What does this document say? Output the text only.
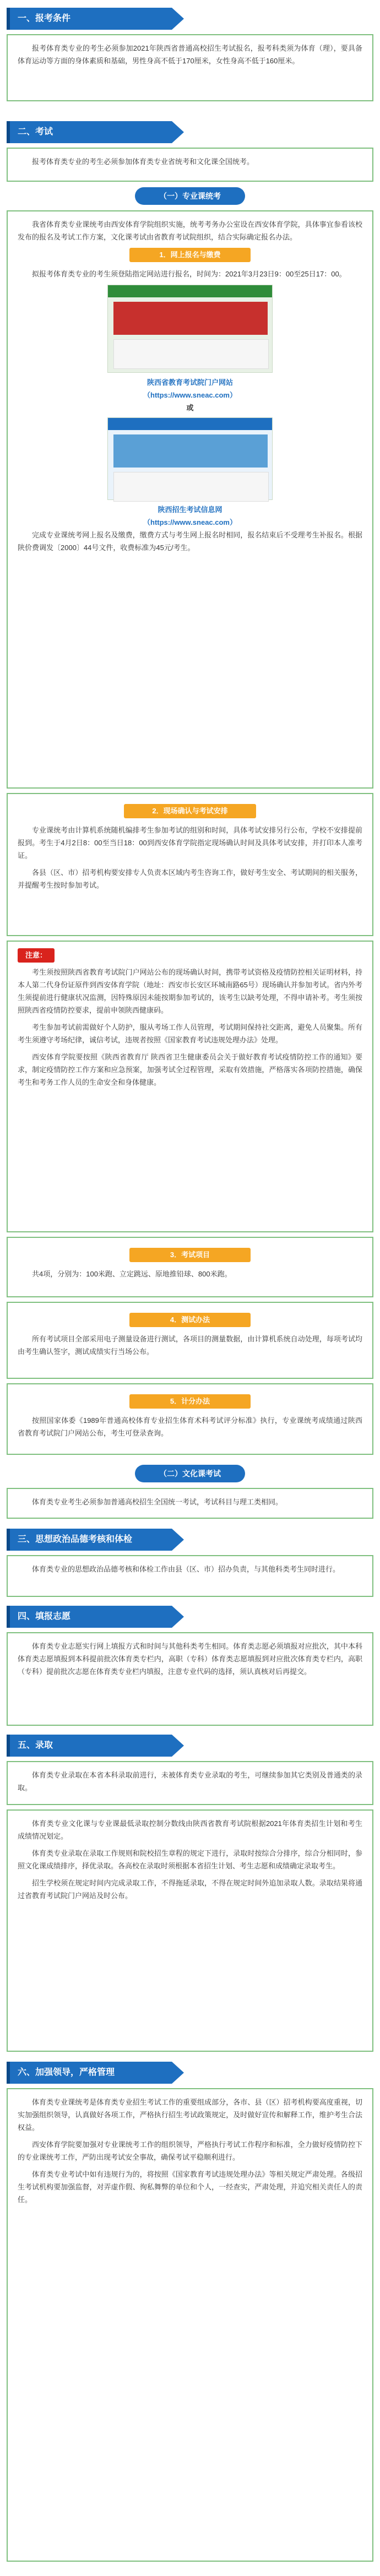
一、报考条件

报考体育类专业的考生必须参加2021年陕西省普通高校招生考试报名，报考科类须为体育（理），要具备体育运动等方面的身体素质和基础，男性身高不低于170厘米，女性身高不低于160厘米。

二、考试

报考体育类专业的考生必须参加体育类专业省统考和文化课全国统考。

（一）专业课统考

我省体育类专业课统考由西安体育学院组织实施，统考考务办公室设在西安体育学院，具体事宜参看该校发布的报名及考试工作方案，文化课考试由省教育考试院组织，结合实际确定报名办法。

1．网上报名与缴费

拟报考体育类专业的考生须登陆指定网站进行报名，时间为：2021年3月23日9：00至25日17：00。

陕西省教育考试院门户网站
（https://www.sneac.com）
或
陕西招生考试信息网
（https://www.sneac.com）

完成专业课统考网上报名及缴费，缴费方式与考生网上报名时相同，报名结束后不受理考生补报名。根据陕价费调发〔2000〕44号文件，收费标准为45元/考生。

2．现场确认与考试安排

专业课统考由计算机系统随机编排考生参加考试的组别和时间，具体考试安排另行公布，学校不安排提前报到。考生于4月2日8：00至当日18：00到西安体育学院指定现场确认时间及具体考试安排，并打印本人准考证。

各县（区、市）招考机构要安排专人负责本区域内考生咨询工作，做好考生安全、考试期间的相关服务，并提醒考生按时参加考试。

注意：

考生须按照陕西省教育考试院门户网站公布的现场确认时间，携带考试资格及疫情防控相关证明材料，持本人第二代身份证原件到西安体育学院（地址：西安市长安区环城南路65号）现场确认并参加考试。省内外考生须提前进行健康状况监测，因特殊原因未能按期参加考试的，该考生以缺考处理，不得申请补考。考生须按照陕西省疫情防控要求，提前申领陕西健康码。

考生参加考试前需做好个人防护，服从考场工作人员管理，考试期间保持社交距离，避免人员聚集。所有考生须遵守考场纪律，诚信考试，违规者按照《国家教育考试违规处理办法》处理。

西安体育学院要按照《陕西省教育厅 陕西省卫生健康委员会关于做好教育考试疫情防控工作的通知》要求，制定疫情防控工作方案和应急预案，加强考试全过程管理，采取有效措施，严格落实各项防控措施，确保考生和考务工作人员的生命安全和身体健康。

3．考试项目

共4项，分别为：100米跑、立定跳远、原地推铅球、800米跑。

4．测试办法

所有考试项目全部采用电子测量设备进行测试，各项目的测量数据，由计算机系统自动处理，每项考试均由考生确认签字，测试成绩实行当场公布。

5．计分办法

按照国家体委《1989年普通高校体育专业招生体育术科考试评分标准》执行，专业课统考成绩通过陕西省教育考试院门户网站公布，考生可登录查询。

（二）文化课考试

体育类专业考生必须参加普通高校招生全国统一考试，考试科目与理工类相同。

三、思想政治品德考核和体检

体育类专业的思想政治品德考核和体检工作由县（区、市）招办负责，与其他科类考生同时进行。

四、填报志愿

体育类专业志愿实行网上填报方式和时间与其他科类考生相同。体育类志愿必须填报对应批次，其中本科体育类志愿填报到本科提前批次体育类专栏内，高职（专科）体育类志愿填报到对应批次体育类专栏内，高职（专科）提前批次志愿在体育类专业栏内填报，注意专业代码的选择，须认真核对后再提交。

五、录取

体育类专业录取在本省本科录取前进行，未被体育类专业录取的考生，可继续参加其它类别及普通类的录取。

体育类专业文化课与专业课最低录取控制分数线由陕西省教育考试院根据2021年体育类招生计划和考生成绩情况划定。

体育类专业录取在录取工作规则和院校招生章程的规定下进行，录取时按综合分排序，综合分相同时，参照文化课成绩排序，择优录取。各高校在录取时须根据本省招生计划、考生志愿和成绩确定录取考生。

招生学校须在规定时间内完成录取工作，不得拖延录取，不得在规定时间外追加录取人数。录取结果将通过省教育考试院门户网站及时公布。

六、加强领导，严格管理

体育类专业课统考是体育类专业招生考试工作的重要组成部分，各市、县（区）招考机构要高度重视，切实加强组织领导，认真做好各项工作，严格执行招生考试政策规定，及时做好宣传和解释工作，维护考生合法权益。

西安体育学院要加强对专业课统考工作的组织领导，严格执行考试工作程序和标准，全力做好疫情防控下的专业课统考工作，严防出现考试安全事故，确保考试平稳顺利进行。

体育类专业考试中如有违规行为的，将按照《国家教育考试违规处理办法》等相关规定严肃处理。各级招生考试机构要加强监督，对弄虚作假、徇私舞弊的单位和个人，一经查实，严肃处理，并追究相关责任人的责任。
